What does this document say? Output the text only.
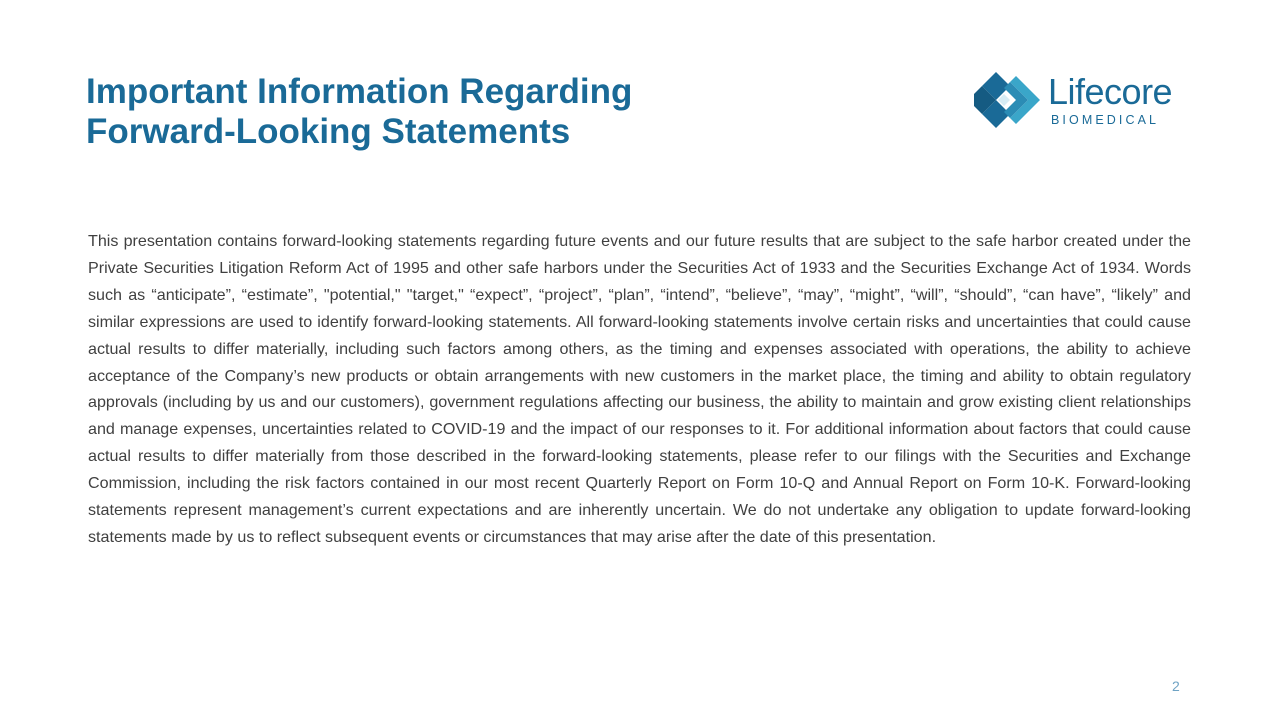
Important Information Regarding
Forward-Looking Statements
Lifecore
BIOMEDICAL

This presentation contains forward-looking statements regarding future events and our future results that are subject to the safe harbor created under the Private Securities Litigation Reform Act of 1995 and other safe harbors under the Securities Act of 1933 and the Securities Exchange Act of 1934. Words such as “anticipate”, “estimate”, "potential," "target," “expect”, “project”, “plan”, “intend”, “believe”, “may”, “might”, “will”, “should”, “can have”, “likely” and similar expressions are used to identify forward-looking statements. All forward-looking statements involve certain risks and uncertainties that could cause actual results to differ materially, including such factors among others, as the timing and expenses associated with operations, the ability to achieve acceptance of the Company’s new products or obtain arrangements with new customers in the market place, the timing and ability to obtain regulatory approvals (including by us and our customers), government regulations affecting our business, the ability to maintain and grow existing client relationships and manage expenses, uncertainties related to COVID-19 and the impact of our responses to it. For additional information about factors that could cause actual results to differ materially from those described in the forward-looking statements, please refer to our filings with the Securities and Exchange Commission, including the risk factors contained in our most recent Quarterly Report on Form 10-Q and Annual Report on Form 10-K. Forward-looking statements represent management’s current expectations and are inherently uncertain. We do not undertake any obligation to update forward-looking statements made by us to reflect subsequent events or circumstances that may arise after the date of this presentation.

2
